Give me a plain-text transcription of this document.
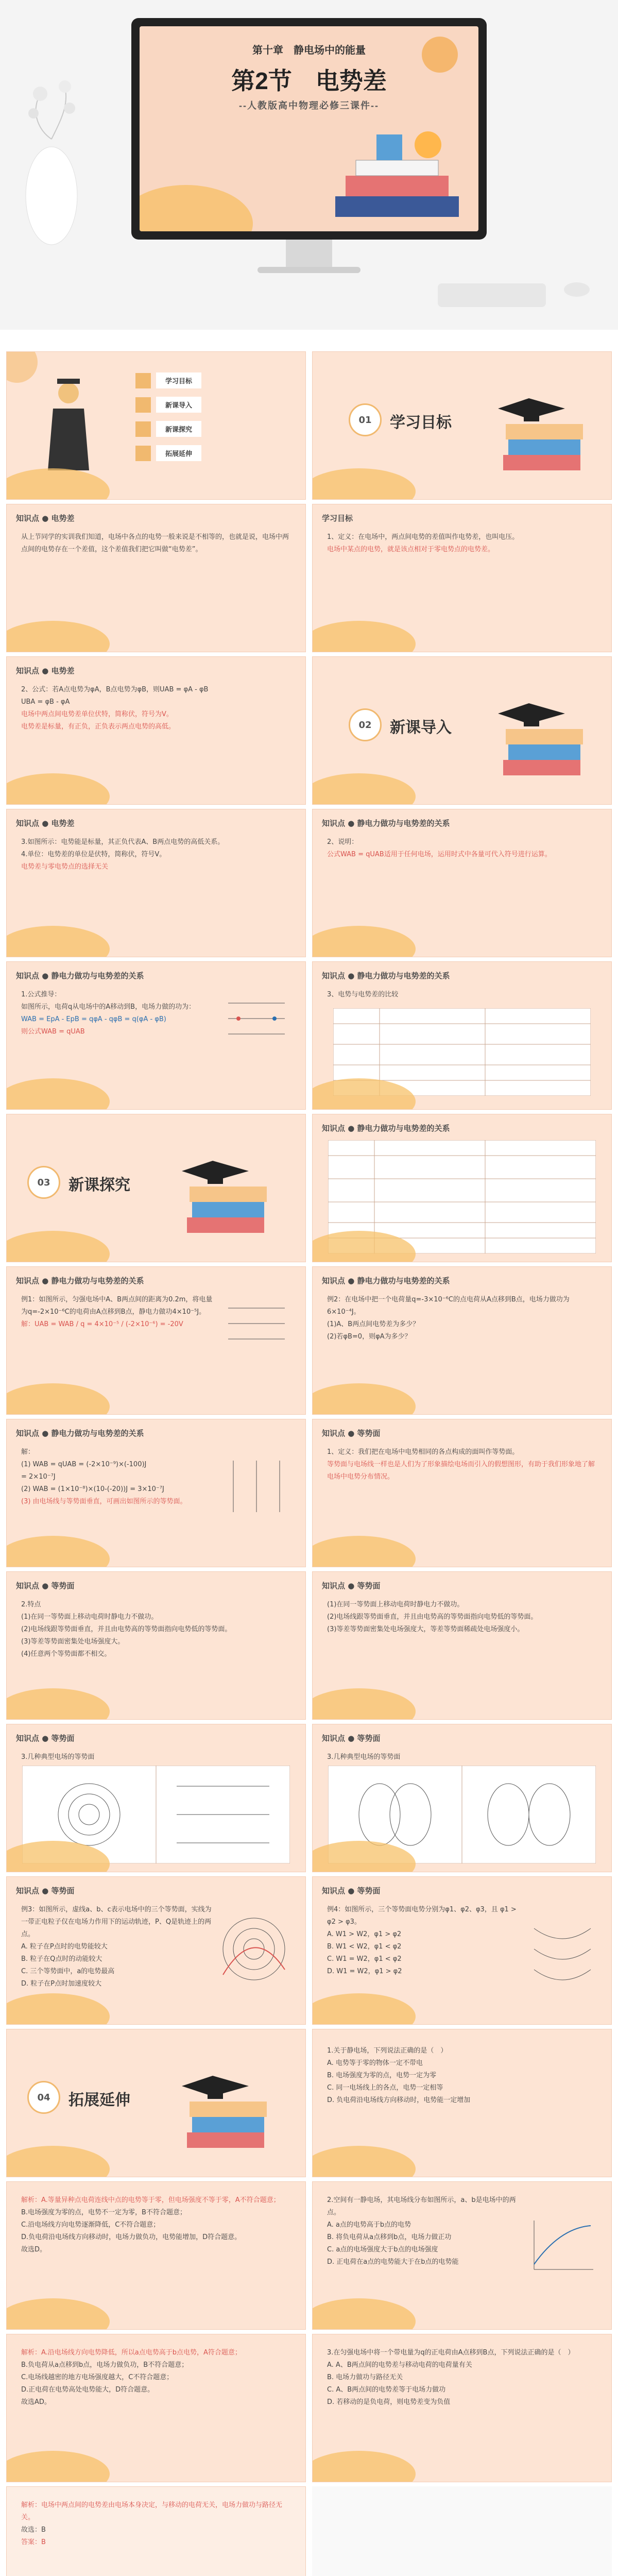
第十章　静电场中的能量
第2节　电势差
--人教版高中物理必修三课件--
学习目标
新课导入
新课探究
拓展延伸
01	学习目标
知识点 ● 电势差

从上节同学的实训我们知道，电场中各点的电势一般来说是不相等的，也就是说，电场中两点间的电势存在一个差值，这个差值我们把它叫做“电势差”。

学习目标

1、定义：在电场中，两点间电势的差值叫作电势差，也叫电压。

电场中某点的电势，就是该点相对于零电势点的电势差。

知识点 ● 电势差

2、公式：若A点电势为φA，B点电势为φB，则UAB = φA - φB

UBA = φB - φA

电场中两点间电势差单位伏特，简称伏，符号为V。

电势差是标量，有正负，正负表示两点电势的高低。	02	新课导入
知识点 ● 电势差

3.如图所示：电势能是标量，其正负代表A、B两点电势的高低关系。

4.单位：电势差的单位是伏特，简称伏，符号V。

电势差与零电势点的选择无关

知识点 ● 静电力做功与电势差的关系

2、说明：

公式WAB = qUAB适用于任何电场，运用时式中各量可代入符号进行运算。

知识点 ● 静电力做功与电势差的关系

1.公式推导：

如图所示，电荷q从电场中的A移动到B，电场力做的功为：

WAB = EpA - EpB = qφA - qφB = q(φA - φB)

则公式WAB = qUAB

知识点 ● 静电力做功与电势差的关系

3、电势与电势差的比较

03	新课探究
知识点 ● 静电力做功与电势差的关系
知识点 ● 静电力做功与电势差的关系

例1：如图所示，匀强电场中A、B两点间的距离为0.2m，将电量为q=-2×10⁻⁶C的电荷由A点移到B点，静电力做功4×10⁻⁵J。

解：UAB = WAB / q = 4×10⁻⁵ / (-2×10⁻⁶) = -20V

知识点 ● 静电力做功与电势差的关系

例2：在电场中把一个电荷量q=-3×10⁻⁶C的点电荷从A点移到B点，电场力做功为6×10⁻⁴J。

(1)A、B两点间电势差为多少？

(2)若φB=0，则φA为多少？

知识点 ● 静电力做功与电势差的关系

解：

(1) WAB = qUAB = (-2×10⁻⁹)×(-100)J

= 2×10⁻⁷J

(2) WAB = (1×10⁻⁸)×(10-(-20))J = 3×10⁻⁷J

(3) 由电场线与等势面垂直，可画出如图所示的等势面。

知识点 ● 等势面

1、定义：我们把在电场中电势相同的各点构成的面叫作等势面。

等势面与电场线一样也是人们为了形象描绘电场而引入的假想图形，有助于我们形象地了解电场中电势分布情况。

知识点 ● 等势面

2.特点

(1)在同一等势面上移动电荷时静电力不做功。

(2)电场线跟等势面垂直，并且由电势高的等势面指向电势低的等势面。

(3)等差等势面密集处电场强度大。

(4)任意两个等势面都不相交。

知识点 ● 等势面

(1)在同一等势面上移动电荷时静电力不做功。

(2)电场线跟等势面垂直，并且由电势高的等势面指向电势低的等势面。

(3)等差等势面密集处电场强度大，等差等势面稀疏处电场强度小。

知识点 ● 等势面

3.几种典型电场的等势面

知识点 ● 等势面

3.几种典型电场的等势面

知识点 ● 等势面

例3：如图所示，虚线a、b、c表示电场中的三个等势面，实线为一带正电粒子仅在电场力作用下的运动轨迹，P、Q是轨迹上的两点。

A. 粒子在P点时的电势能较大

B. 粒子在Q点时的动能较大

C. 三个等势面中，a的电势最高

D. 粒子在P点时加速度较大

知识点 ● 等势面

例4：如图所示，三个等势面电势分别为φ1、φ2、φ3，且 φ1 > φ2 > φ3。

A. W1 > W2，φ1 > φ2

B. W1 < W2，φ1 < φ2

C. W1 = W2，φ1 < φ2

D. W1 = W2，φ1 > φ2

04	拓展延伸

1.关于静电场，下列说法正确的是（　）

A. 电势等于零的物体一定不带电

B. 电场强度为零的点，电势一定为零

C. 同一电场线上的各点，电势一定相等

D. 负电荷沿电场线方向移动时，电势能一定增加

解析：A.等量异种点电荷连线中点的电势等于零，但电场强度不等于零，A不符合题意；

B.电场强度为零的点，电势不一定为零，B不符合题意；

C.沿电场线方向电势逐渐降低，C不符合题意；

D.负电荷沿电场线方向移动时，电场力做负功，电势能增加，D符合题意。

故选D。

2.空间有一静电场，其电场线分布如图所示，a、b是电场中的两点。

A. a点的电势高于b点的电势

B. 将负电荷从a点移到b点，电场力做正功

C. a点的电场强度大于b点的电场强度

D. 正电荷在a点的电势能大于在b点的电势能

解析：A.沿电场线方向电势降低，所以a点电势高于b点电势，A符合题意；

B.负电荷从a点移到b点，电场力做负功，B不符合题意；

C.电场线越密的地方电场强度越大，C不符合题意；

D.正电荷在电势高处电势能大，D符合题意。

故选AD。

3.在匀强电场中将一个带电量为q的正电荷由A点移到B点，下列说法正确的是（　）

A. A、B两点间的电势差与移动电荷的电荷量有关

B. 电场力做功与路径无关

C. A、B两点间的电势差等于电场力做功

D. 若移动的是负电荷，则电势差变为负值

解析：电场中两点间的电势差由电场本身决定，与移动的电荷无关，电场力做功与路径无关。

故选：B

答案：B
